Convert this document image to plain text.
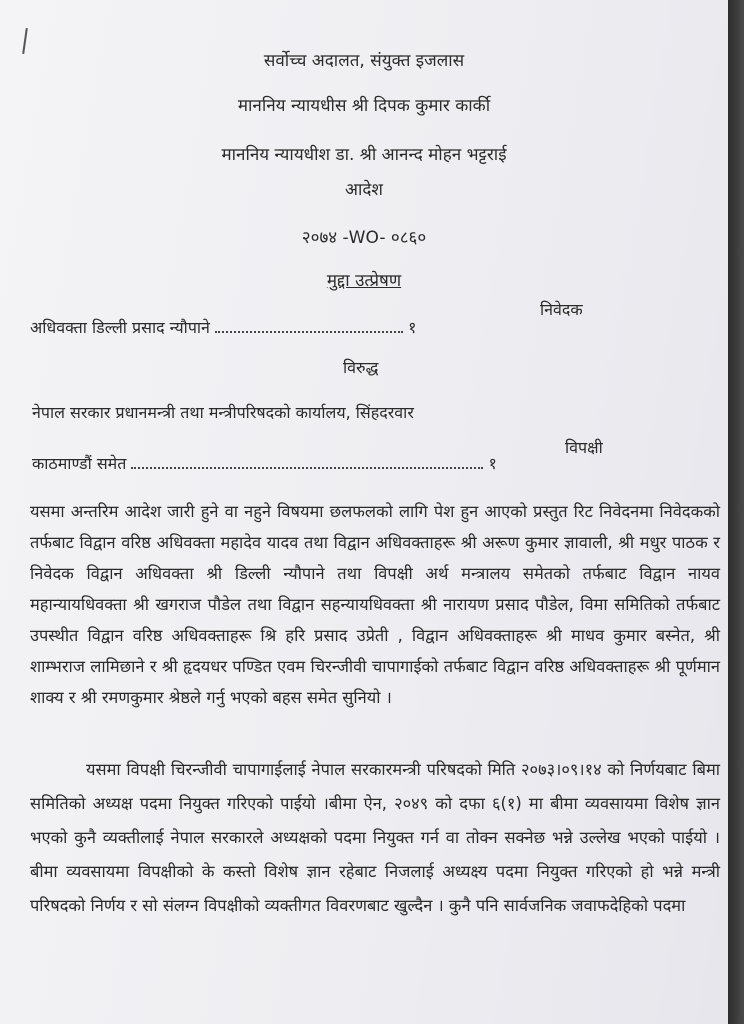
सर्वोच्च अदालत, संयुक्त इजलास
माननिय न्यायधीस श्री दिपक कुमार कार्की
माननिय न्यायधीश डा. श्री आनन्द मोहन भट्टराई
आदेश
२०७४ -WO- ०८६०
मुद्दा उत्प्रेषण
अधिवक्ता डिल्ली प्रसाद न्यौपाने	१
निवेदक
विरुद्ध
नेपाल सरकार प्रधानमन्त्री तथा मन्त्रीपरिषदको कार्यालय, सिंहदरवार
काठमाण्डौं समेत	१
विपक्षी
यसमा अन्तरिम आदेश जारी हुने वा नहुने विषयमा छलफलको लागि पेश हुन आएको प्रस्तुत रिट निवेदनमा निवेदकको तर्फबाट विद्वान वरिष्ठ अधिवक्ता महादेव यादव तथा विद्वान अधिवक्ताहरू श्री अरूण कुमार ज्ञावाली, श्री मधुर पाठक र निवेदक विद्वान अधिवक्ता श्री डिल्ली न्यौपाने तथा विपक्षी अर्थ मन्त्रालय समेतको तर्फबाट विद्वान नायव महान्यायधिवक्ता श्री खगराज पौडेल तथा विद्वान सहन्यायधिवक्ता श्री नारायण प्रसाद पौडेल, विमा समितिको तर्फबाट उपस्थीत विद्वान वरिष्ठ अधिवक्ताहरू श्रि हरि प्रसाद उप्रेती , विद्वान अधिवक्ताहरू श्री माधव कुमार बस्नेत, श्री शाम्भराज लामिछाने र श्री हृदयधर पण्डित एवम चिरन्जीवी चापागाईको तर्फबाट विद्वान वरिष्ठ अधिवक्ताहरू श्री पूर्णमान शाक्य र श्री रमणकुमार श्रेष्ठले गर्नु भएको बहस समेत सुनियो ।
यसमा विपक्षी चिरन्जीवी चापागाईलाई नेपाल सरकारमन्त्री परिषदको मिति २०७३।०९।१४ को निर्णयबाट बिमा समितिको अध्यक्ष पदमा नियुक्त गरिएको पाईयो ।बीमा ऐन, २०४९ को दफा ६(१) मा बीमा व्यवसायमा विशेष ज्ञान भएको कुनै व्यक्तीलाई नेपाल सरकारले अध्यक्षको पदमा नियुक्त गर्न वा तोक्न सक्नेछ भन्ने उल्लेख भएको पाईयो । बीमा व्यवसायमा विपक्षीको के कस्तो विशेष ज्ञान रहेबाट निजलाई अध्यक्ष्य पदमा नियुक्त गरिएको हो भन्ने मन्त्री परिषदको निर्णय र सो संलग्न विपक्षीको व्यक्तीगत विवरणबाट खुल्दैन । कुनै पनि सार्वजनिक जवाफदेहिको पदमा
